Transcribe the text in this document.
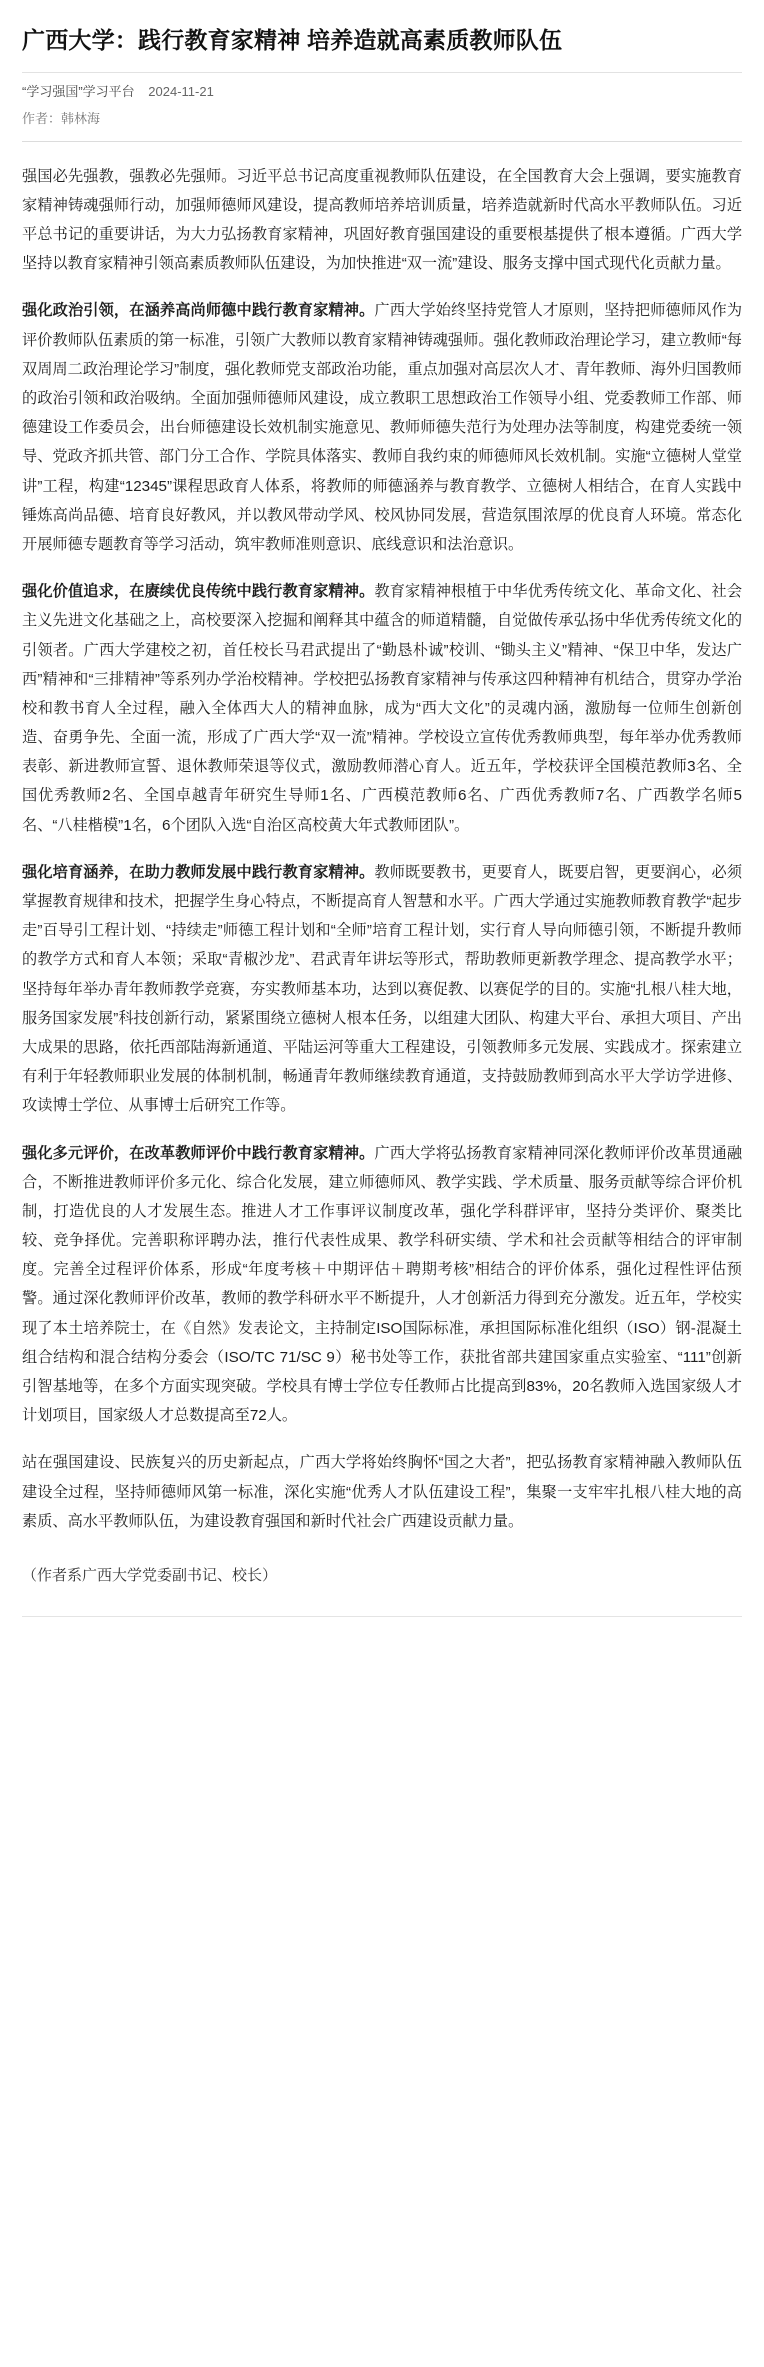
广西大学：践行教育家精神 培养造就高素质教师队伍
“学习强国”学习平台 2024-11-21
作者：韩林海

强国必先强教，强教必先强师。习近平总书记高度重视教师队伍建设，在全国教育大会上强调，要实施教育家精神铸魂强师行动，加强师德师风建设，提高教师培养培训质量，培养造就新时代高水平教师队伍。习近平总书记的重要讲话，为大力弘扬教育家精神，巩固好教育强国建设的重要根基提供了根本遵循。广西大学坚持以教育家精神引领高素质教师队伍建设，为加快推进“双一流”建设、服务支撑中国式现代化贡献力量。

强化政治引领，在涵养高尚师德中践行教育家精神。广西大学始终坚持党管人才原则，坚持把师德师风作为评价教师队伍素质的第一标准，引领广大教师以教育家精神铸魂强师。强化教师政治理论学习，建立教师“每双周周二政治理论学习”制度，强化教师党支部政治功能，重点加强对高层次人才、青年教师、海外归国教师的政治引领和政治吸纳。全面加强师德师风建设，成立教职工思想政治工作领导小组、党委教师工作部、师德建设工作委员会，出台师德建设长效机制实施意见、教师师德失范行为处理办法等制度，构建党委统一领导、党政齐抓共管、部门分工合作、学院具体落实、教师自我约束的师德师风长效机制。实施“立德树人堂堂讲”工程，构建“12345”课程思政育人体系，将教师的师德涵养与教育教学、立德树人相结合，在育人实践中锤炼高尚品德、培育良好教风，并以教风带动学风、校风协同发展，营造氛围浓厚的优良育人环境。常态化开展师德专题教育等学习活动，筑牢教师准则意识、底线意识和法治意识。

强化价值追求，在赓续优良传统中践行教育家精神。教育家精神根植于中华优秀传统文化、革命文化、社会主义先进文化基础之上，高校要深入挖掘和阐释其中蕴含的师道精髓，自觉做传承弘扬中华优秀传统文化的引领者。广西大学建校之初，首任校长马君武提出了“勤恳朴诚”校训、“锄头主义”精神、“保卫中华，发达广西”精神和“三排精神”等系列办学治校精神。学校把弘扬教育家精神与传承这四种精神有机结合，贯穿办学治校和教书育人全过程，融入全体西大人的精神血脉，成为“西大文化”的灵魂内涵，激励每一位师生创新创造、奋勇争先、全面一流，形成了广西大学“双一流”精神。学校设立宣传优秀教师典型，每年举办优秀教师表彰、新进教师宣誓、退休教师荣退等仪式，激励教师潜心育人。近五年，学校获评全国模范教师3名、全国优秀教师2名、全国卓越青年研究生导师1名、广西模范教师6名、广西优秀教师7名、广西教学名师5名、“八桂楷模”1名，6个团队入选“自治区高校黄大年式教师团队”。

强化培育涵养，在助力教师发展中践行教育家精神。教师既要教书，更要育人，既要启智，更要润心，必须掌握教育规律和技术，把握学生身心特点，不断提高育人智慧和水平。广西大学通过实施教师教育教学“起步走”百导引工程计划、“持续走”师德工程计划和“全师”培育工程计划，实行育人导向师德引领，不断提升教师的教学方式和育人本领；采取“青椒沙龙”、君武青年讲坛等形式，帮助教师更新教学理念、提高教学水平；坚持每年举办青年教师教学竞赛，夯实教师基本功，达到以赛促教、以赛促学的目的。实施“扎根八桂大地，服务国家发展”科技创新行动，紧紧围绕立德树人根本任务，以组建大团队、构建大平台、承担大项目、产出大成果的思路，依托西部陆海新通道、平陆运河等重大工程建设，引领教师多元发展、实践成才。探索建立有利于年轻教师职业发展的体制机制，畅通青年教师继续教育通道，支持鼓励教师到高水平大学访学进修、攻读博士学位、从事博士后研究工作等。

强化多元评价，在改革教师评价中践行教育家精神。广西大学将弘扬教育家精神同深化教师评价改革贯通融合，不断推进教师评价多元化、综合化发展，建立师德师风、教学实践、学术质量、服务贡献等综合评价机制，打造优良的人才发展生态。推进人才工作事评议制度改革，强化学科群评审，坚持分类评价、聚类比较、竞争择优。完善职称评聘办法，推行代表性成果、教学科研实绩、学术和社会贡献等相结合的评审制度。完善全过程评价体系，形成“年度考核＋中期评估＋聘期考核”相结合的评价体系，强化过程性评估预警。通过深化教师评价改革，教师的教学科研水平不断提升，人才创新活力得到充分激发。近五年，学校实现了本土培养院士，在《自然》发表论文，主持制定ISO国际标准，承担国际标准化组织（ISO）钢-混凝土组合结构和混合结构分委会（ISO/TC 71/SC 9）秘书处等工作，获批省部共建国家重点实验室、“111”创新引智基地等，在多个方面实现突破。学校具有博士学位专任教师占比提高到83%，20名教师入选国家级人才计划项目，国家级人才总数提高至72人。

站在强国建设、民族复兴的历史新起点，广西大学将始终胸怀“国之大者”，把弘扬教育家精神融入教师队伍建设全过程，坚持师德师风第一标准，深化实施“优秀人才队伍建设工程”，集聚一支牢牢扎根八桂大地的高素质、高水平教师队伍，为建设教育强国和新时代社会广西建设贡献力量。

（作者系广西大学党委副书记、校长）
